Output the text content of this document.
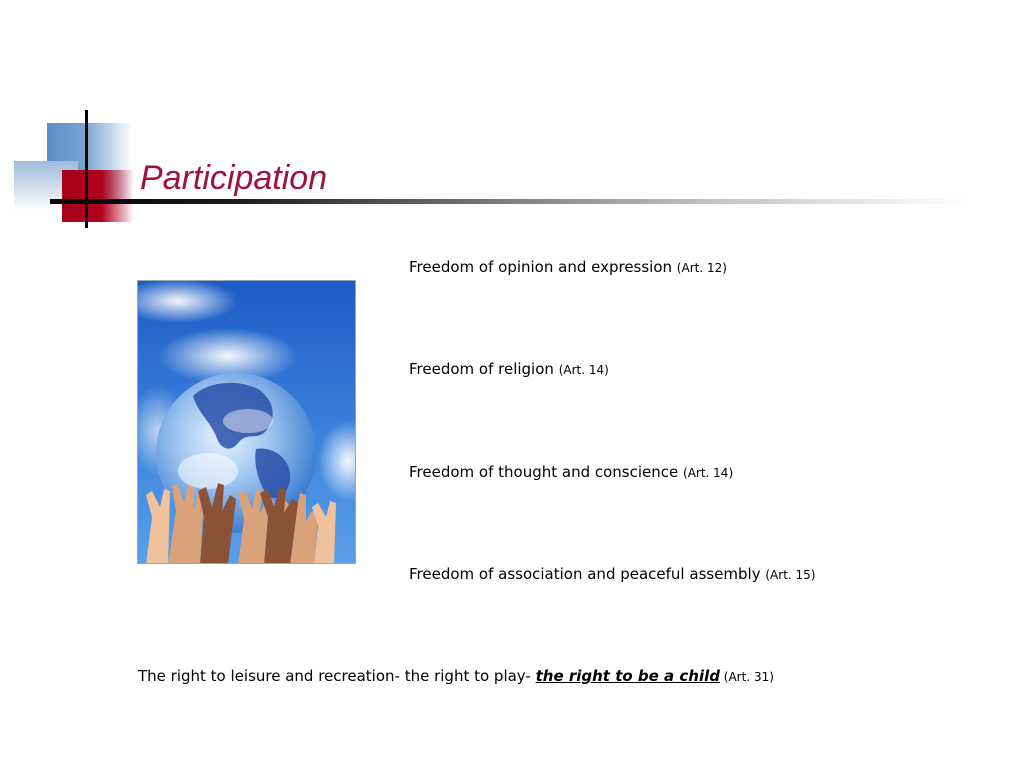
Participation
Freedom of opinion and expression (Art. 12)
Freedom of religion (Art. 14)
Freedom of thought and conscience (Art. 14)
Freedom of association and peaceful assembly (Art. 15)
The right to leisure and recreation- the right to play- the right to be a child (Art. 31)
